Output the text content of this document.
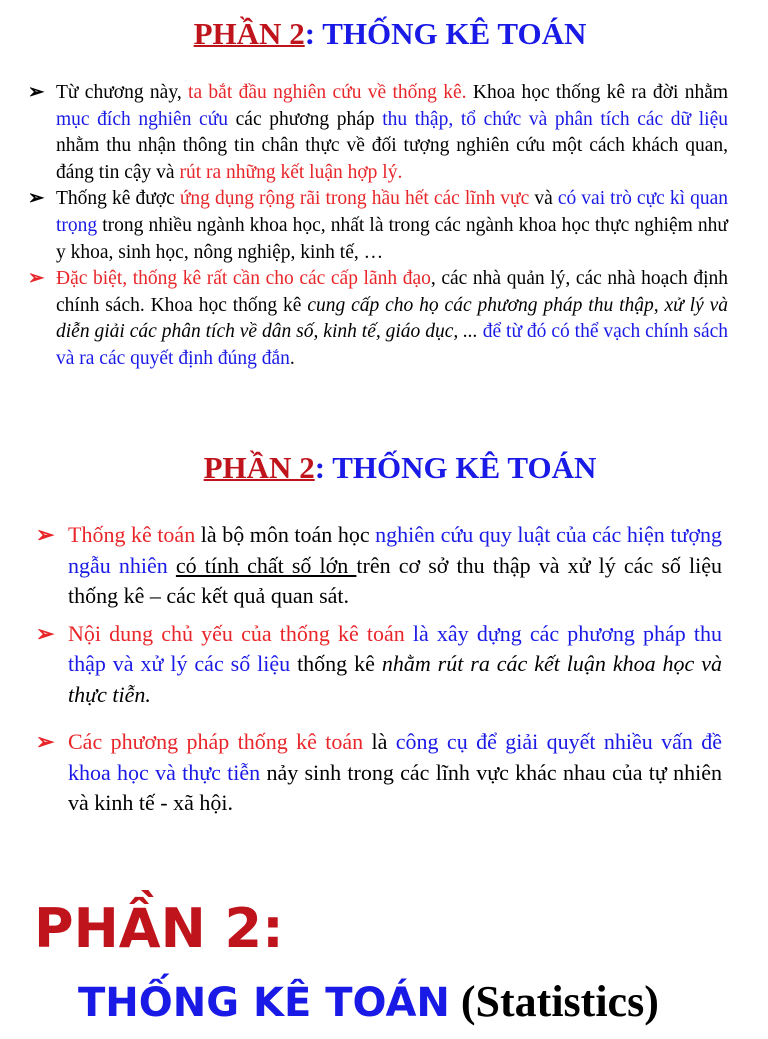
PHẦN 2: THỐNG KÊ TOÁN
➢ Từ chương này, ta bắt đầu nghiên cứu về thống kê. Khoa học thống kê ra đời nhằm mục đích nghiên cứu các phương pháp thu thập, tổ chức và phân tích các dữ liệu nhằm thu nhận thông tin chân thực về đối tượng nghiên cứu một cách khách quan, đáng tin cậy và rút ra những kết luận hợp lý.
➢ Thống kê được ứng dụng rộng rãi trong hầu hết các lĩnh vực và có vai trò cực kì quan trọng trong nhiều ngành khoa học, nhất là trong các ngành khoa học thực nghiệm như y khoa, sinh học, nông nghiệp, kinh tế, …
➢ Đặc biệt, thống kê rất cần cho các cấp lãnh đạo, các nhà quản lý, các nhà hoạch định chính sách. Khoa học thống kê cung cấp cho họ các phương pháp thu thập, xử lý và diễn giải các phân tích về dân số, kinh tế, giáo dục, ... để từ đó có thể vạch chính sách và ra các quyết định đúng đắn.
PHẦN 2: THỐNG KÊ TOÁN
➢ Thống kê toán là bộ môn toán học nghiên cứu quy luật của các hiện tượng ngẫu nhiên có tính chất số lớn trên cơ sở thu thập và xử lý các số liệu thống kê – các kết quả quan sát.
➢ Nội dung chủ yếu của thống kê toán là xây dựng các phương pháp thu thập và xử lý các số liệu thống kê nhằm rút ra các kết luận khoa học và thực tiễn.
➢ Các phương pháp thống kê toán là công cụ để giải quyết nhiều vấn đề khoa học và thực tiễn nảy sinh trong các lĩnh vực khác nhau của tự nhiên và kinh tế - xã hội.
PHẦN 2:
THỐNG KÊ TOÁN (Statistics)
